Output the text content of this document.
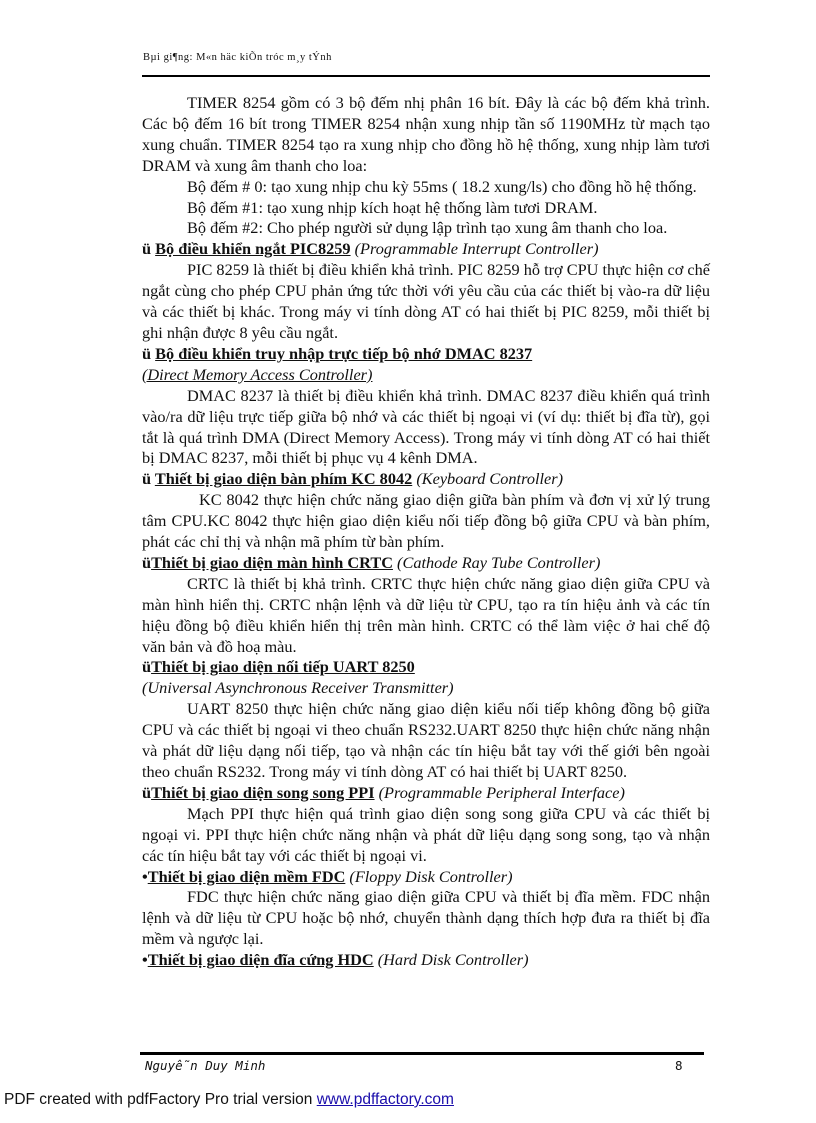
Bµi gi¶ng: M«n häc kiÕn tróc m¸y tÝnh

TIMER 8254 gồm có 3 bộ đếm nhị phân 16 bít. Đây là các bộ đếm khả trình. Các bộ đếm 16 bít trong TIMER 8254 nhận xung nhịp tần số 1190MHz từ mạch tạo xung chuẩn. TIMER 8254 tạo ra xung nhịp cho đồng hồ hệ thống, xung nhịp làm tươi DRAM và xung âm thanh cho loa:

Bộ đếm # 0: tạo xung nhịp chu kỳ 55ms ( 18.2 xung/ls) cho đồng hồ hệ thống.

Bộ đếm #1: tạo xung nhịp kích hoạt hệ thống làm tươi DRAM.

Bộ đếm #2: Cho phép người sử dụng lập trình tạo xung âm thanh cho loa.

ü Bộ điều khiển ngắt PIC8259 (Programmable Interrupt Controller)

PIC 8259 là thiết bị điều khiển khả trình. PIC 8259 hỗ trợ CPU thực hiện cơ chế ngắt cùng cho phép CPU phản ứng tức thời với yêu cầu của các thiết bị vào-ra dữ liệu và các thiết bị khác. Trong máy vi tính dòng AT có hai thiết bị PIC 8259, mỗi thiết bị ghi nhận được 8 yêu cầu ngắt.

ü Bộ điều khiển truy nhập trực tiếp bộ nhớ DMAC 8237

(Direct Memory Access Controller)

DMAC 8237 là thiết bị điều khiển khả trình. DMAC 8237 điều khiển quá trình vào/ra dữ liệu trực tiếp giữa bộ nhớ và các thiết bị ngoại vi (ví dụ: thiết bị đĩa từ), gọi tắt là quá trình DMA (Direct Memory Access). Trong máy vi tính dòng AT có hai thiết bị DMAC 8237, mỗi thiết bị phục vụ 4 kênh DMA.

ü Thiết bị giao diện bàn phím KC 8042 (Keyboard Controller)

KC 8042 thực hiện chức năng giao diện giữa bàn phím và đơn vị xử lý trung tâm CPU.KC 8042 thực hiện giao diện kiểu nối tiếp đồng bộ giữa CPU và bàn phím, phát các chỉ thị và nhận mã phím từ bàn phím.

üThiết bị giao diện màn hình CRTC (Cathode Ray Tube Controller)

CRTC là thiết bị khả trình. CRTC thực hiện chức năng giao diện giữa CPU và màn hình hiển thị. CRTC nhận lệnh và dữ liệu từ CPU, tạo ra tín hiệu ảnh và các tín hiệu đồng bộ điều khiển hiển thị trên màn hình. CRTC có thể làm việc ở hai chế độ văn bản và đồ hoạ màu.

üThiết bị giao diện nối tiếp UART 8250

(Universal Asynchronous Receiver Transmitter)

UART 8250 thực hiện chức năng giao diện kiểu nối tiếp không đồng bộ giữa CPU và các thiết bị ngoại vi theo chuẩn RS232.UART 8250 thực hiện chức năng nhận và phát dữ liệu dạng nối tiếp, tạo và nhận các tín hiệu bắt tay với thế giới bên ngoài theo chuẩn RS232. Trong máy vi tính dòng AT có hai thiết bị UART 8250.

üThiết bị giao diện song song PPI (Programmable Peripheral Interface)

Mạch PPI thực hiện quá trình giao diện song song giữa CPU và các thiết bị ngoại vi. PPI thực hiện chức năng nhận và phát dữ liệu dạng song song, tạo và nhận các tín hiệu bắt tay với các thiết bị ngoại vi.

•Thiết bị giao diện mềm FDC (Floppy Disk Controller)

FDC thực hiện chức năng giao diện giữa CPU và thiết bị đĩa mềm. FDC nhận lệnh và dữ liệu từ CPU hoặc bộ nhớ, chuyển thành dạng thích hợp đưa ra thiết bị đĩa mềm và ngược lại.

•Thiết bị giao diện đĩa cứng HDC (Hard Disk Controller)

Nguyễn Duy Minh	8
PDF created with pdfFactory Pro trial version www.pdffactory.com
